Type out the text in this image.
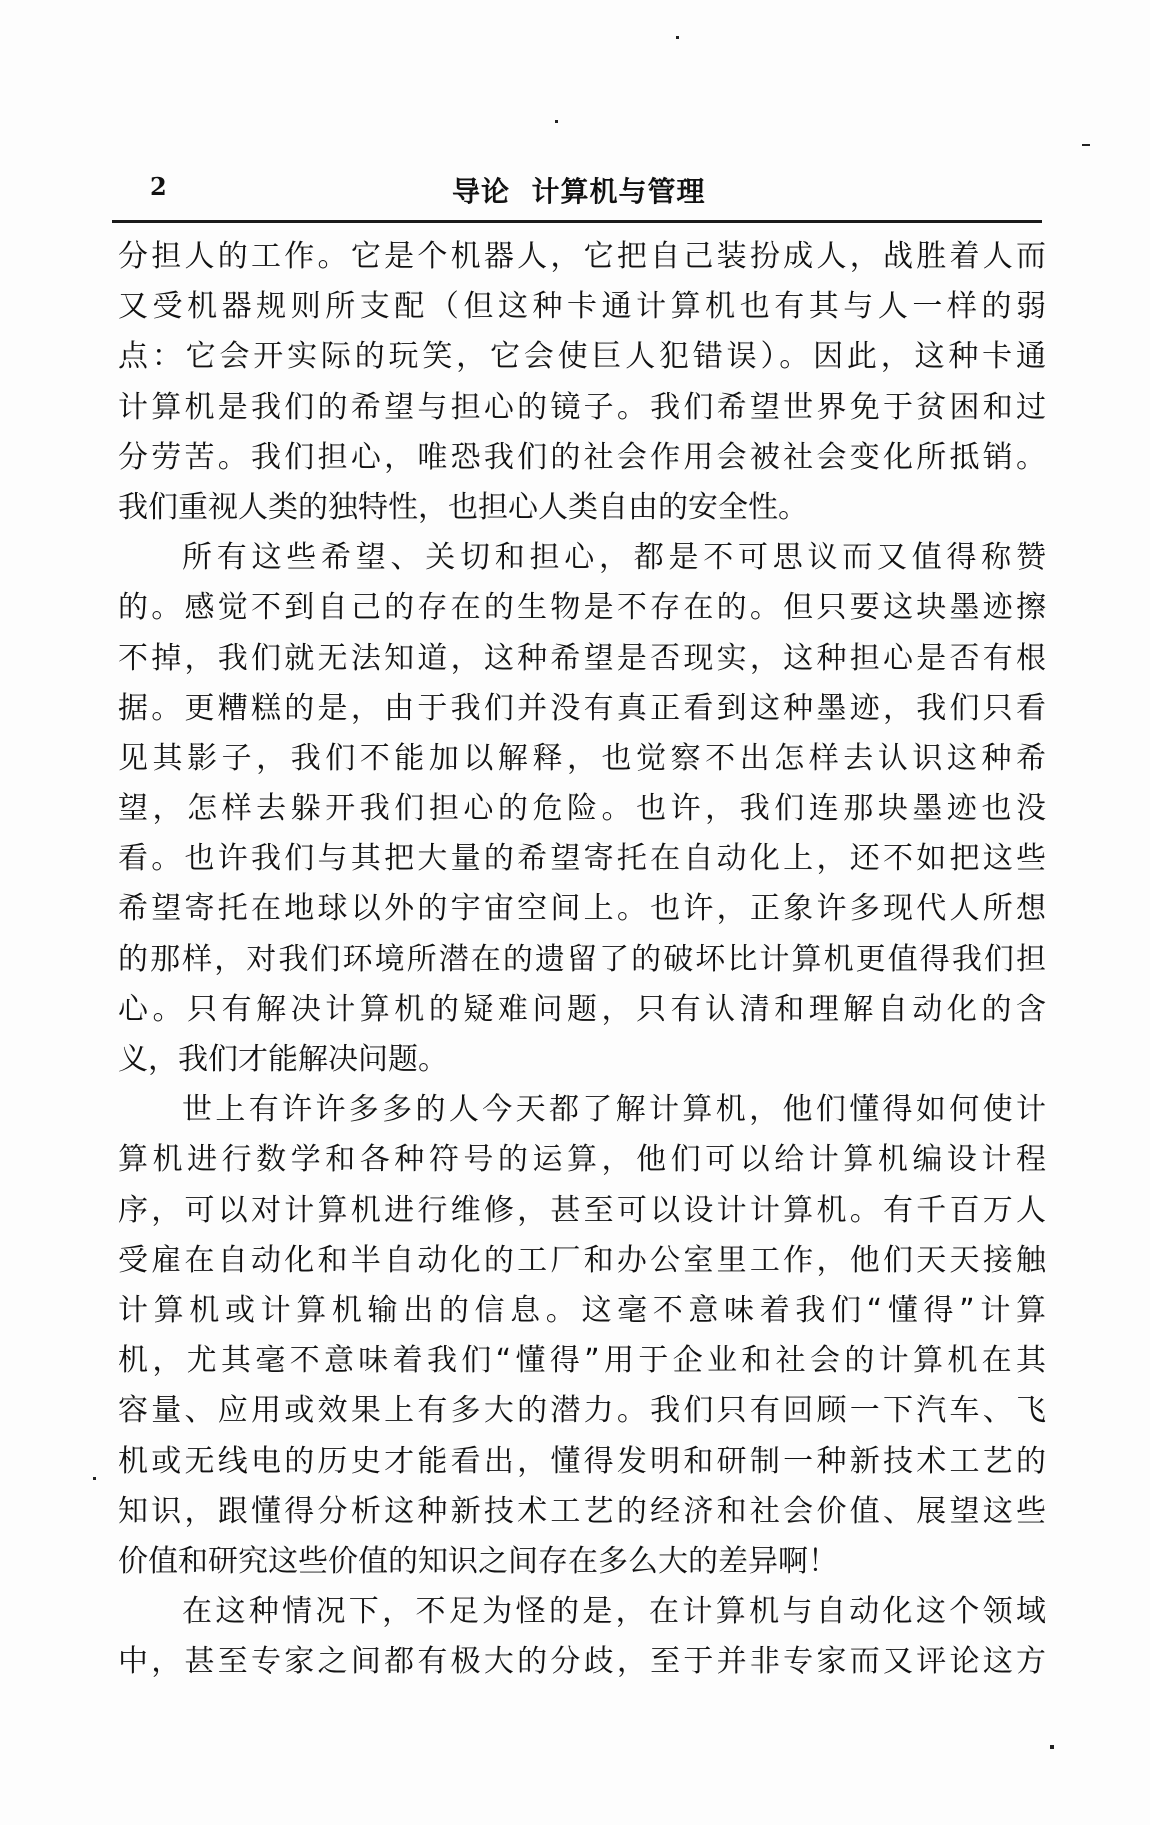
2	导论  计算机与管理
分担人的工作。它是个机器人，它把自己装扮成人，战胜着人而
又受机器规则所支配（但这种卡通计算机也有其与人一样的弱
点：它会开实际的玩笑，它会使巨人犯错误）。因此，这种卡通
计算机是我们的希望与担心的镜子。我们希望世界免于贫困和过
分劳苦。我们担心，唯恐我们的社会作用会被社会变化所抵销。
我们重视人类的独特性，也担心人类自由的安全性。
所有这些希望、关切和担心，都是不可思议而又值得称赞
的。感觉不到自己的存在的生物是不存在的。但只要这块墨迹擦
不掉，我们就无法知道，这种希望是否现实，这种担心是否有根
据。更糟糕的是，由于我们并没有真正看到这种墨迹，我们只看
见其影子，我们不能加以解释，也觉察不出怎样去认识这种希
望，怎样去躲开我们担心的危险。也许，我们连那块墨迹也没
看。也许我们与其把大量的希望寄托在自动化上，还不如把这些
希望寄托在地球以外的宇宙空间上。也许，正象许多现代人所想
的那样，对我们环境所潜在的遗留了的破坏比计算机更值得我们担
心。只有解决计算机的疑难问题，只有认清和理解自动化的含
义，我们才能解决问题。
世上有许许多多的人今天都了解计算机，他们懂得如何使计
算机进行数学和各种符号的运算，他们可以给计算机编设计程
序，可以对计算机进行维修，甚至可以设计计算机。有千百万人
受雇在自动化和半自动化的工厂和办公室里工作，他们天天接触
计算机或计算机输出的信息。这毫不意味着我们“懂得”计算
机，尤其毫不意味着我们“懂得”用于企业和社会的计算机在其
容量、应用或效果上有多大的潜力。我们只有回顾一下汽车、飞
机或无线电的历史才能看出，懂得发明和研制一种新技术工艺的
知识，跟懂得分析这种新技术工艺的经济和社会价值、展望这些
价值和研究这些价值的知识之间存在多么大的差异啊！
在这种情况下，不足为怪的是，在计算机与自动化这个领域
中，甚至专家之间都有极大的分歧，至于并非专家而又评论这方
